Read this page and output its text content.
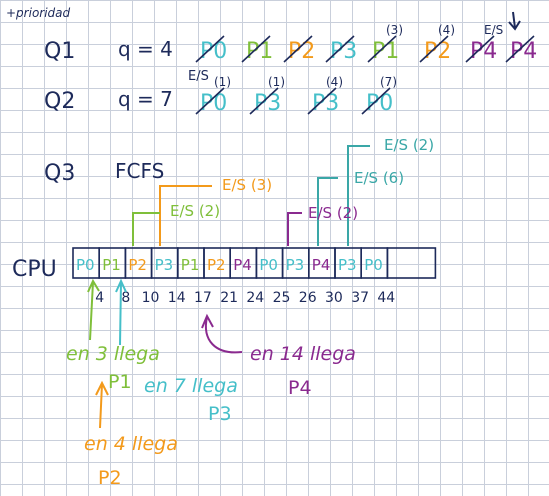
+prioridad
Q1 q = 4
Q2 q = 7
E/S
Q3 FCFS
P0 P1 P2 P3 P1
(3)
P2
(4)
P4
E/S
P4
P0
(1)
P3
(1)
P3
(4)
P0
(7)
E/S (3)
E/S (2)	E/S (2)
E/S (2)
E/S (6)
CPU P0 P1 P2 P3 P1 P2 P4 P0 P3 P4 P3 P0
4 8 10 14 17 21 24 25 26 30 37 44
en 3 llega
P1 en 7 llega
P3
en 14 llega
P4
en 4 llega
P2
